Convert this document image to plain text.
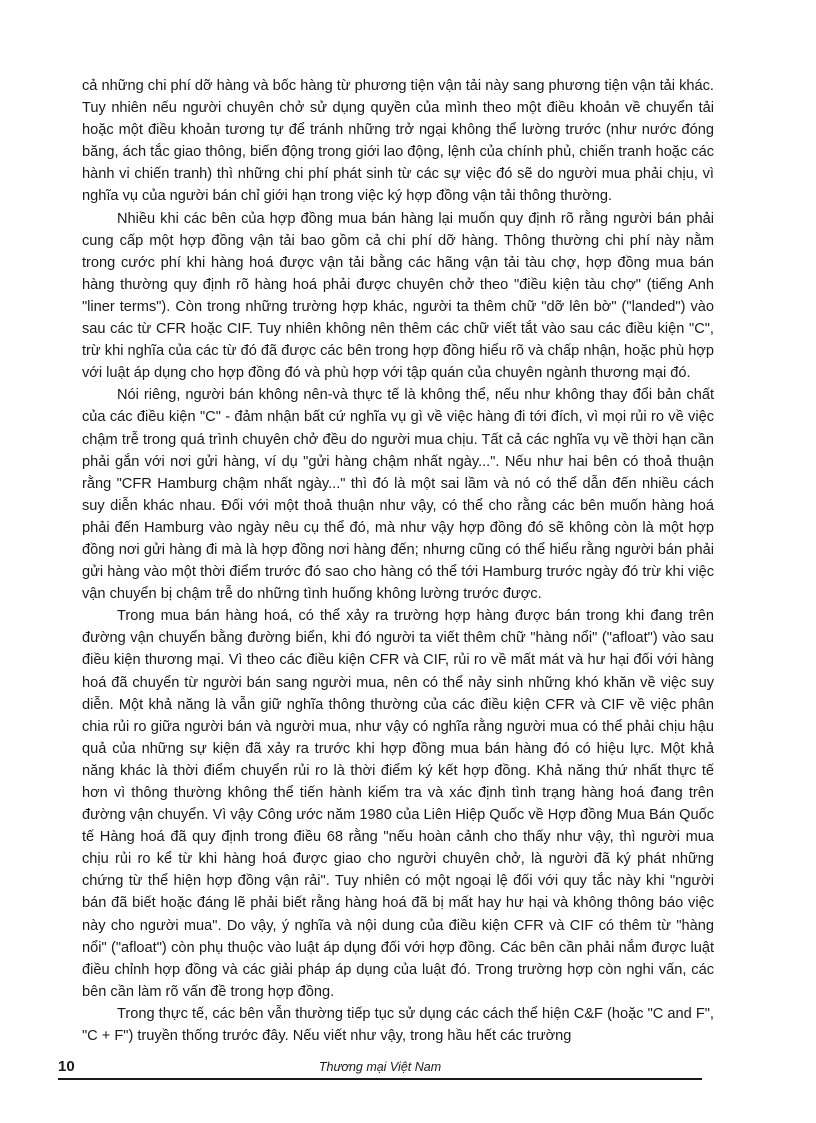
cả những chi phí dỡ hàng và bốc hàng từ phương tiện vận tải này sang phương tiện vận tải khác. Tuy nhiên nếu người chuyên chở sử dụng quyền của mình theo một điều khoản về chuyển tải hoặc một điều khoản tương tự để tránh những trở ngại không thể lường trước (như nước đóng băng, ách tắc giao thông, biến động trong giới lao động, lệnh của chính phủ, chiến tranh hoặc các hành vi chiến tranh) thì những chi phí phát sinh từ các sự việc đó sẽ do người mua phải chịu, vì nghĩa vụ của người bán chỉ giới hạn trong việc ký hợp đồng vận tải thông thường.

Nhiều khi các bên của hợp đồng mua bán hàng lại muốn quy định rõ rằng người bán phải cung cấp một hợp đồng vận tải bao gồm cả chi phí dỡ hàng. Thông thường chi phí này nằm trong cước phí khi hàng hoá được vận tải bằng các hãng vận tải tàu chợ, hợp đồng mua bán hàng thường quy định rõ hàng hoá phải được chuyên chở theo "điều kiện tàu chợ" (tiếng Anh "liner terms"). Còn trong những trường hợp khác, người ta thêm chữ "dỡ lên bờ" ("landed") vào sau các từ CFR hoặc CIF. Tuy nhiên không nên thêm các chữ viết tắt vào sau các điều kiện "C", trừ khi nghĩa của các từ đó đã được các bên trong hợp đồng hiểu rõ và chấp nhận, hoặc phù hợp với luật áp dụng cho hợp đồng đó và phù hợp với tập quán của chuyên ngành thương mại đó.

Nói riêng, người bán không nên-và thực tế là không thể, nếu như không thay đổi bản chất của các điều kiện "C" - đảm nhận bất cứ nghĩa vụ gì về việc hàng đi tới đích, vì mọi rủi ro về việc chậm trễ trong quá trình chuyên chở đều do người mua chịu. Tất cả các nghĩa vụ về thời hạn cần phải gắn với nơi gửi hàng, ví dụ "gửi hàng chậm nhất ngày...". Nếu như hai bên có thoả thuận rằng "CFR Hamburg chậm nhất ngày..." thì đó là một sai lầm và nó có thể dẫn đến nhiều cách suy diễn khác nhau. Đối với một thoả thuận như vậy, có thể cho rằng các bên muốn hàng hoá phải đến Hamburg vào ngày nêu cụ thể đó, mà như vậy hợp đồng đó sẽ không còn là một hợp đồng nơi gửi hàng đi mà là hợp đồng nơi hàng đến; nhưng cũng có thể hiểu rằng người bán phải gửi hàng vào một thời điểm trước đó sao cho hàng có thể tới Hamburg trước ngày đó trừ khi việc vận chuyển bị chậm trễ do những tình huống không lường trước được.

Trong mua bán hàng hoá, có thể xảy ra trường hợp hàng được bán trong khi đang trên đường vận chuyển bằng đường biển, khi đó người ta viết thêm chữ "hàng nổi" ("afloat") vào sau điều kiện thương mại. Vì theo các điều kiện CFR và CIF, rủi ro về mất mát và hư hại đối với hàng hoá đã chuyển từ người bán sang người mua, nên có thể nảy sinh những khó khăn về việc suy diễn. Một khả năng là vẫn giữ nghĩa thông thường của các điều kiện CFR và CIF về việc phân chia rủi ro giữa người bán và người mua, như vậy có nghĩa rằng người mua có thể phải chịu hậu quả của những sự kiện đã xảy ra trước khi hợp đồng mua bán hàng đó có hiệu lực. Một khả năng khác là thời điểm chuyển rủi ro là thời điểm ký kết hợp đồng. Khả năng thứ nhất thực tế hơn vì thông thường không thể tiến hành kiểm tra và xác định tình trạng hàng hoá đang trên đường vận chuyển. Vì vậy Công ước năm 1980 của Liên Hiệp Quốc về Hợp đồng Mua Bán Quốc tế Hàng hoá đã quy định trong điều 68 rằng "nếu hoàn cảnh cho thấy như vậy, thì người mua chịu rủi ro kể từ khi hàng hoá được giao cho người chuyên chở, là người đã ký phát những chứng từ thể hiện hợp đồng vận rải". Tuy nhiên có một ngoại lệ đối với quy tắc này khi "người bán đã biết hoặc đáng lẽ phải biết rằng hàng hoá đã bị mất hay hư hại và không thông báo việc này cho người mua". Do vậy, ý nghĩa và nội dung của điều kiện CFR và CIF có thêm từ "hàng nổi" ("afloat") còn phụ thuộc vào luật áp dụng đối với hợp đồng. Các bên cần phải nắm được luật điều chỉnh hợp đồng và các giải pháp áp dụng của luật đó. Trong trường hợp còn nghi vấn, các bên cần làm rõ vấn đề trong hợp đồng.

Trong thực tế, các bên vẫn thường tiếp tục sử dụng các cách thể hiện C&F (hoặc "C and F", "C + F") truyền thống trước đây. Nếu viết như vậy, trong hầu hết các trường

10	Thương mại Việt Nam
